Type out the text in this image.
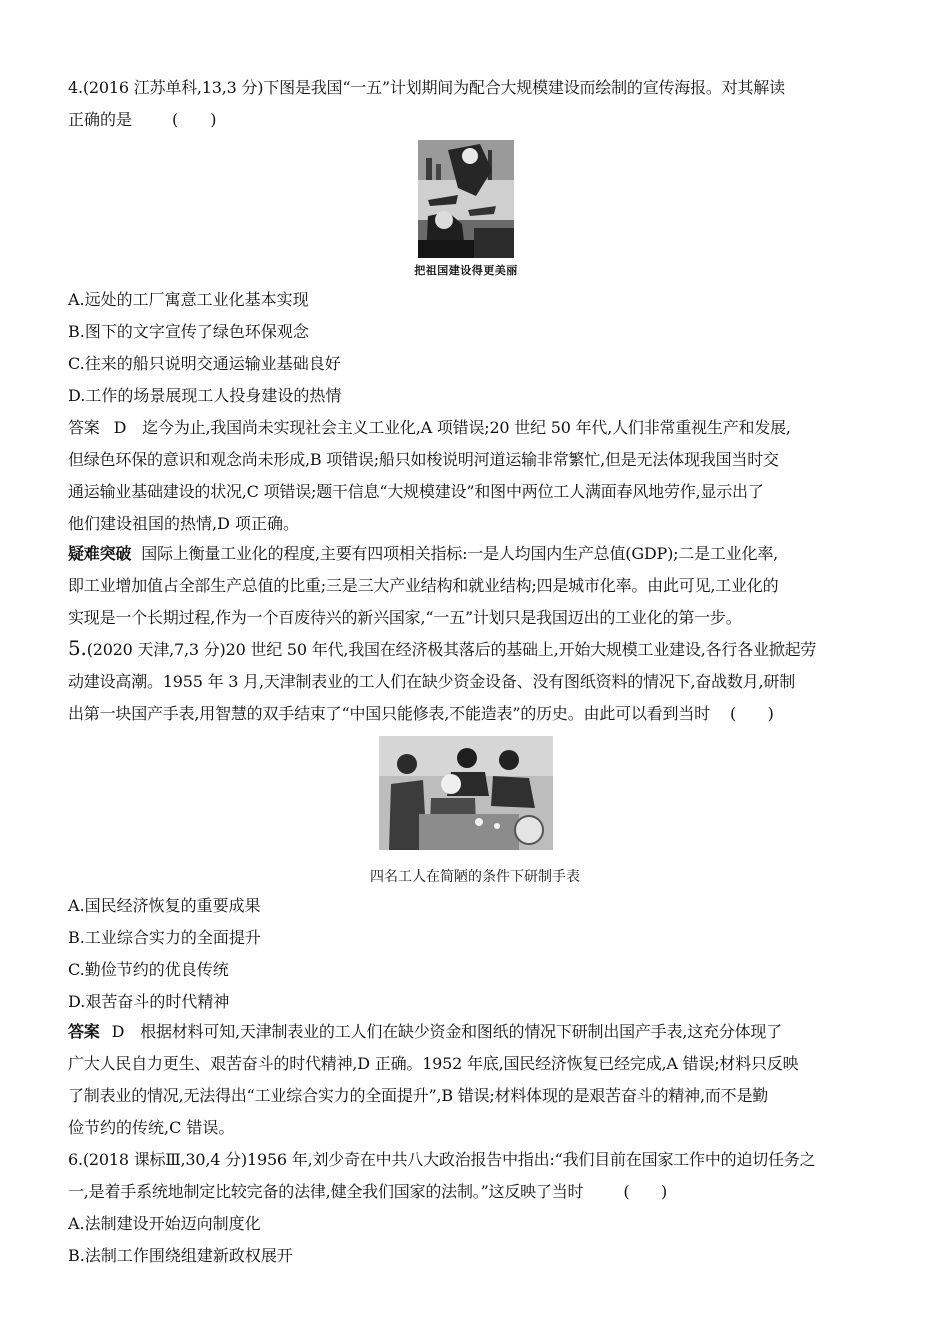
4.(2016 江苏单科,13,3 分)下图是我国“一五”计划期间为配合大规模建设而绘制的宣传海报。对其解读
正确的是	(　　)
把祖国建设得更美丽
A.远处的工厂寓意工业化基本实现
B.图下的文字宣传了绿色环保观念
C.往来的船只说明交通运输业基础良好
D.工作的场景展现工人投身建设的热情
答案 D 迄今为止,我国尚未实现社会主义工业化,A 项错误;20 世纪 50 年代,人们非常重视生产和发展,
但绿色环保的意识和观念尚未形成,B 项错误;船只如梭说明河道运输非常繁忙,但是无法体现我国当时交
通运输业基础建设的状况,C 项错误;题干信息“大规模建设”和图中两位工人满面春风地劳作,显示出了
他们建设祖国的热情,D 项正确。
疑难突破 国际上衡量工业化的程度,主要有四项相关指标:一是人均国内生产总值(GDP);二是工业化率,
即工业增加值占全部生产总值的比重;三是三大产业结构和就业结构;四是城市化率。由此可见,工业化的
实现是一个长期过程,作为一个百废待兴的新兴国家,“一五”计划只是我国迈出的工业化的第一步。
5.(2020 天津,7,3 分)20 世纪 50 年代,我国在经济极其落后的基础上,开始大规模工业建设,各行各业掀起劳
动建设高潮。1955 年 3 月,天津制表业的工人们在缺少资金设备、没有图纸资料的情况下,奋战数月,研制
出第一块国产手表,用智慧的双手结束了“中国只能修表,不能造表”的历史。由此可以看到当时 (　　)
四名工人在简陋的条件下研制手表
A.国民经济恢复的重要成果
B.工业综合实力的全面提升
C.勤俭节约的优良传统
D.艰苦奋斗的时代精神
答案 D 根据材料可知,天津制表业的工人们在缺少资金和图纸的情况下研制出国产手表,这充分体现了
广大人民自力更生、艰苦奋斗的时代精神,D 正确。1952 年底,国民经济恢复已经完成,A 错误;材料只反映
了制表业的情况,无法得出“工业综合实力的全面提升”,B 错误;材料体现的是艰苦奋斗的精神,而不是勤
俭节约的传统,C 错误。
6.(2018 课标Ⅲ,30,4 分)1956 年,刘少奇在中共八大政治报告中指出:“我们目前在国家工作中的迫切任务之
一,是着手系统地制定比较完备的法律,健全我们国家的法制。”这反映了当时	(　　)
A.法制建设开始迈向制度化
B.法制工作围绕组建新政权展开
